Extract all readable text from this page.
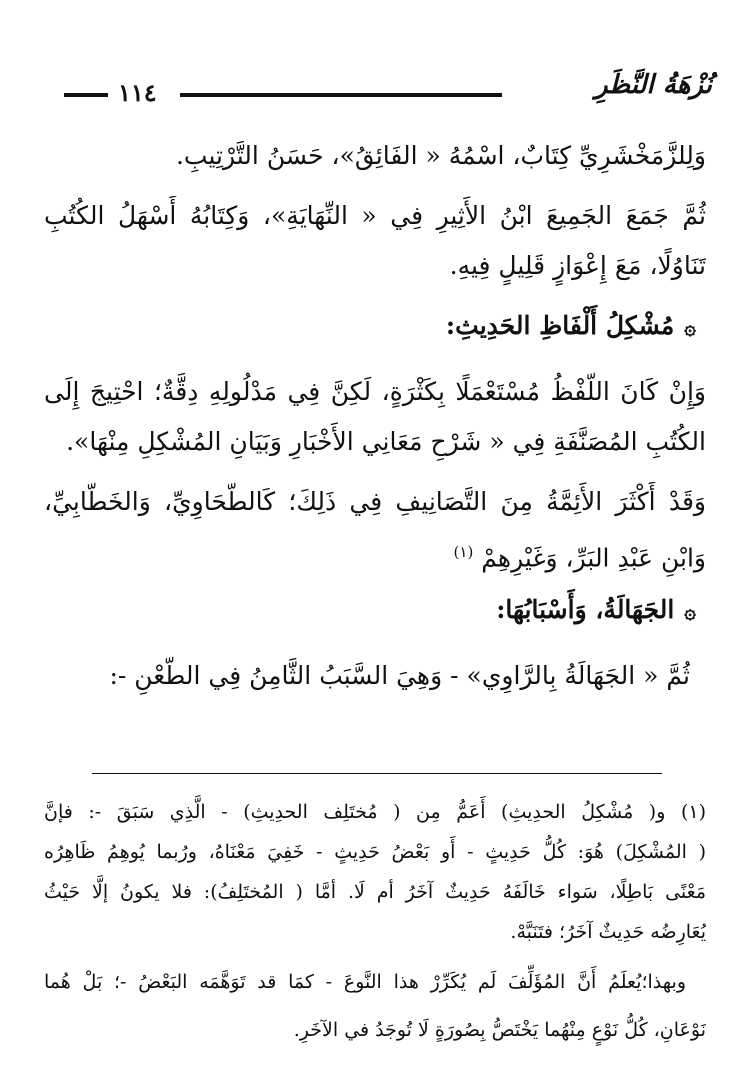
نُزْهَةُ النَّظَرِ
١١٤
وَلِلزَّمَخْشَرِيِّ كِتَابٌ، اسْمُهُ « الفَائِقُ»، حَسَنُ التَّرْتِيبِ.
ثُمَّ جَمَعَ الجَمِيعَ ابْنُ الأَثِيرِ فِي « النِّهَايَةِ»، وَكِتَابُهُ أَسْهَلُ الكُتُبِ
تَنَاوُلًا، مَعَ إِعْوَازٍ قَلِيلٍ فِيهِ.
۞مُشْكِلُ أَلْفَاظِ الحَدِيثِ:
وَإِنْ كَانَ اللَّفْظُ مُسْتَعْمَلًا بِكَثْرَةٍ، لَكِنَّ فِي مَدْلُولِهِ دِقَّةٌ؛ احْتِيجَ إِلَى
الكُتُبِ المُصَنَّفَةِ فِي « شَرْحِ مَعَانِي الأَخْبَارِ وَبَيَانِ المُشْكِلِ مِنْهَا».
وَقَدْ أَكْثَرَ الأَئِمَّةُ مِنَ التَّصَانِيفِ فِي ذَلِكَ؛ كَالطَّحَاوِيِّ، وَالخَطَّابِيِّ،
وَابْنِ عَبْدِ البَرِّ، وَغَيْرِهِمْ $^{(١)}$
۞الجَهَالَةُ، وَأَسْبَابُهَا:
ثُمَّ « الجَهَالَةُ بِالرَّاوِي» - وَهِيَ السَّبَبُ الثَّامِنُ فِي الطَّعْنِ -:
(١) و( مُشْكِلُ الحدِيثِ) أَعَمُّ مِن ( مُختَلِف الحدِيثِ) - الَّذِي سَبَقَ -: فإنَّ
( المُشْكِلَ) هُوَ: كُلُّ حَدِيثٍ - أَو بَعْضُ حَدِيثٍ - خَفِيَ مَعْنَاهُ، ورُبما يُوهِمُ ظَاهِرُه
مَعْنًى بَاطِلًا، سَواء خَالَفَهُ حَدِيثٌ آخَرُ أم لَا. أمَّا ( المُختَلِفُ): فلا يكونُ إلَّا حَيْثُ
يُعَارِضُه حَدِيثٌ آخَرُ؛ فتَنَبَّهْ.
وبهذا؛يُعلَمُ أَنَّ المُؤَلِّفَ لَم يُكَرِّرْ هذا النَّوعَ - كمَا قد تَوَهَّمَه البَعْضُ -؛ بَلْ هُما
نَوْعَانِ، كُلُّ نَوْعٍ مِنْهُما يَخْتَصُّ بِصُورَةٍ لَا تُوجَدُ في الآخَرِ.
